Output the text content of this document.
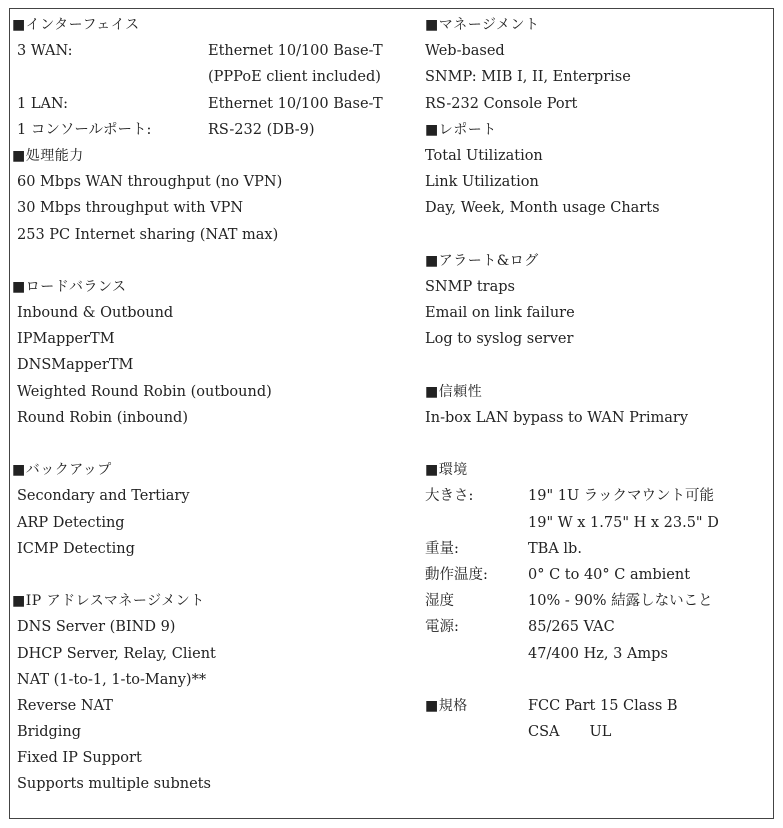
■インターフェイス
3 WAN:	Ethernet 10/100 Base-T
(PPPoE client included)
1 LAN:	Ethernet 10/100 Base-T
1 コンソールポート:	RS-232 (DB-9)
■処理能力
60 Mbps WAN throughput (no VPN)
30 Mbps throughput with VPN
253 PC Internet sharing (NAT max)
■ロードバランス
Inbound & Outbound
IPMapperTM
DNSMapperTM
Weighted Round Robin (outbound)
Round Robin (inbound)
■バックアップ
Secondary and Tertiary
ARP Detecting
ICMP Detecting
■IP アドレスマネージメント
DNS Server (BIND 9)
DHCP Server, Relay, Client
NAT (1-to-1, 1-to-Many)**
Reverse NAT
Bridging
Fixed IP Support
Supports multiple subnets
■マネージメント
Web-based
SNMP: MIB I, II, Enterprise
RS-232 Console Port
■レポート
Total Utilization
Link Utilization
Day, Week, Month usage Charts
■アラート&ログ
SNMP traps
Email on link failure
Log to syslog server
■信頼性
In-box LAN bypass to WAN Primary
■環境
大きさ:	19" 1U ラックマウント可能
19" W x 1.75" H x 23.5" D
重量:	TBA lb.
動作温度:	0° C to 40° C ambient
湿度	10% - 90% 結露しないこと
電源:	85/265 VAC
47/400 Hz, 3 Amps
■規格	FCC Part 15 Class B
CSA UL
